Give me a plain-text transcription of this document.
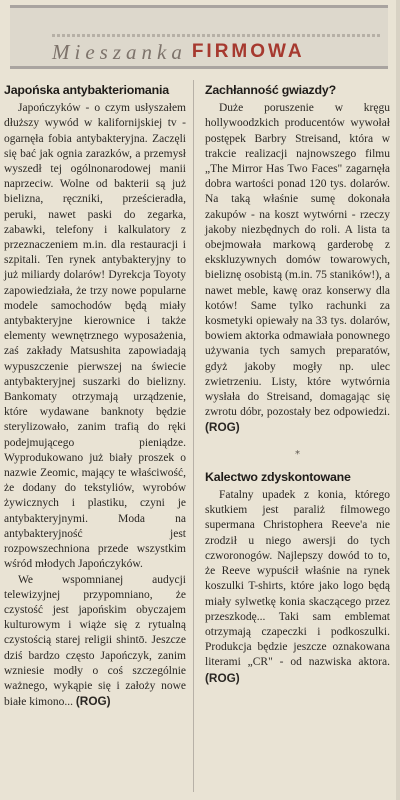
Mieszanka FIRMOWA
Japońska antybakteriomania

Japończyków - o czym usłyszałem dłuższy wywód w kalifornijskiej tv - ogarnęła fobia antybakteryjna. Zaczęli się bać jak ognia zarazków, a przemysł wyszedł tej ogólnonarodowej manii naprzeciw. Wolne od bakterii są już bielizna, ręczniki, prześcieradła, peruki, nawet paski do zegarka, zabawki, telefony i kalkulatory z przeznaczeniem m.in. dla restauracji i szpitali. Ten rynek antybakteryjny to już miliardy dolarów! Dyrekcja Toyoty zapowiedziała, że trzy nowe popularne modele samochodów będą miały antybakteryjne kierownice i także elementy wewnętrznego wyposażenia, zaś zakłady Matsushita zapowiadają wypuszczenie pierwszej na świecie antybakteryjnej suszarki do bielizny. Bankomaty otrzymają urządzenie, które wydawane banknoty będzie sterylizowało, zanim trafią do ręki podejmującego pieniądze. Wyprodukowano już biały proszek o nazwie Zeomic, mający te właściwość, że dodany do tekstyliów, wyrobów żywicznych i plastiku, czyni je antybakteryjnymi. Moda na antybakteryjność jest rozpowszechniona przede wszystkim wśród młodych Japończyków.

We wspomnianej audycji telewizyjnej przypomniano, że czystość jest japońskim obyczajem kulturowym i wiąże się z rytualną czystością starej religii shintō. Jeszcze dziś bardzo często Japończyk, zanim wzniesie modły o coś szczególnie ważnego, wykąpie się i założy nowe białe kimono... (ROG)

Zachłanność gwiazdy?

Duże poruszenie w kręgu hollywoodzkich producentów wywołał postępek Barbry Streisand, która w trakcie realizacji najnowszego filmu „The Mirror Has Two Faces" zagarnęła dobra wartości ponad 120 tys. dolarów. Na taką właśnie sumę dokonała zakupów - na koszt wytwórni - rzeczy jakoby niezbędnych do roli. A lista ta obejmowała markową garderobę z ekskluzywnych domów towarowych, bieliznę osobistą (m.in. 75 staników!), a nawet meble, kawę oraz konserwy dla kotów! Same tylko rachunki za kosmetyki opiewały na 33 tys. dolarów, bowiem aktorka odmawiała ponownego używania tych samych preparatów, gdyż jakoby mogły np. ulec zwietrzeniu. Listy, które wytwórnia wysłała do Streisand, domagając się zwrotu dóbr, pozostały bez odpowiedzi. (ROG)

*
Kalectwo zdyskontowane

Fatalny upadek z konia, którego skutkiem jest paraliż filmowego supermana Christophera Reeve'a nie zrodził u niego awersji do tych czworonogów. Najlepszy dowód to to, że Reeve wypuścił właśnie na rynek koszulki T-shirts, które jako logo będą miały sylwetkę konia skaczącego przez przeszkodę... Taki sam emblemat otrzymają czapeczki i podkoszulki. Produkcja będzie jeszcze oznakowana literami „CR" - od nazwiska aktora. (ROG)
